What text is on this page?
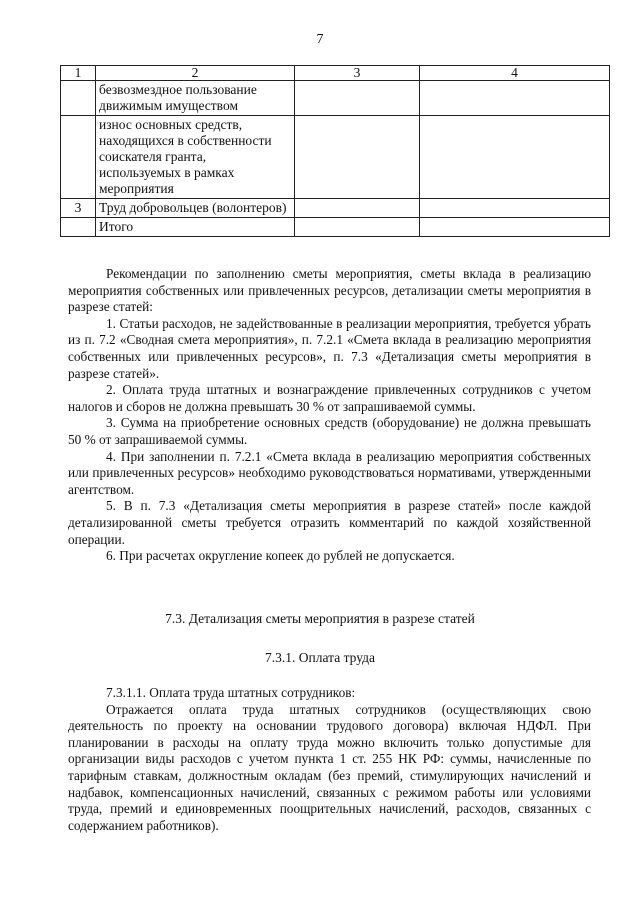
7
1	2	3	4
	безвозмездное пользование движимым имуществом		
	износ основных средств, находящихся в собственности соискателя гранта, используемых в рамках мероприятия		
3	Труд добровольцев (волонтеров)		
	Итого		

Рекомендации по заполнению сметы мероприятия, сметы вклада в реализацию мероприятия собственных или привлеченных ресурсов, детализации сметы мероприятия в разрезе статей:

1. Статьи расходов, не задействованные в реализации мероприятия, требуется убрать из п. 7.2 «Сводная смета мероприятия», п. 7.2.1 «Смета вклада в реализацию мероприятия собственных или привлеченных ресурсов», п. 7.3 «Детализация сметы мероприятия в разрезе статей».

2. Оплата труда штатных и вознаграждение привлеченных сотрудников с учетом налогов и сборов не должна превышать 30 % от запрашиваемой суммы.

3. Сумма на приобретение основных средств (оборудование) не должна превышать 50 % от запрашиваемой суммы.

4. При заполнении п. 7.2.1 «Смета вклада в реализацию мероприятия собственных или привлеченных ресурсов» необходимо руководствоваться нормативами, утвержденными агентством.

5. В п. 7.3 «Детализация сметы мероприятия в разрезе статей» после каждой детализированной сметы требуется отразить комментарий по каждой хозяйственной операции.

6. При расчетах округление копеек до рублей не допускается.

7.3. Детализация сметы мероприятия в разрезе статей
7.3.1. Оплата труда

7.3.1.1. Оплата труда штатных сотрудников:

Отражается оплата труда штатных сотрудников (осуществляющих свою деятельность по проекту на основании трудового договора) включая НДФЛ. При планировании в расходы на оплату труда можно включить только допустимые для организации виды расходов с учетом пункта 1 ст. 255 НК РФ: суммы, начисленные по тарифным ставкам, должностным окладам (без премий, стимулирующих начислений и надбавок, компенсационных начислений, связанных с режимом работы или условиями труда, премий и единовременных поощрительных начислений, расходов, связанных с содержанием работников).
